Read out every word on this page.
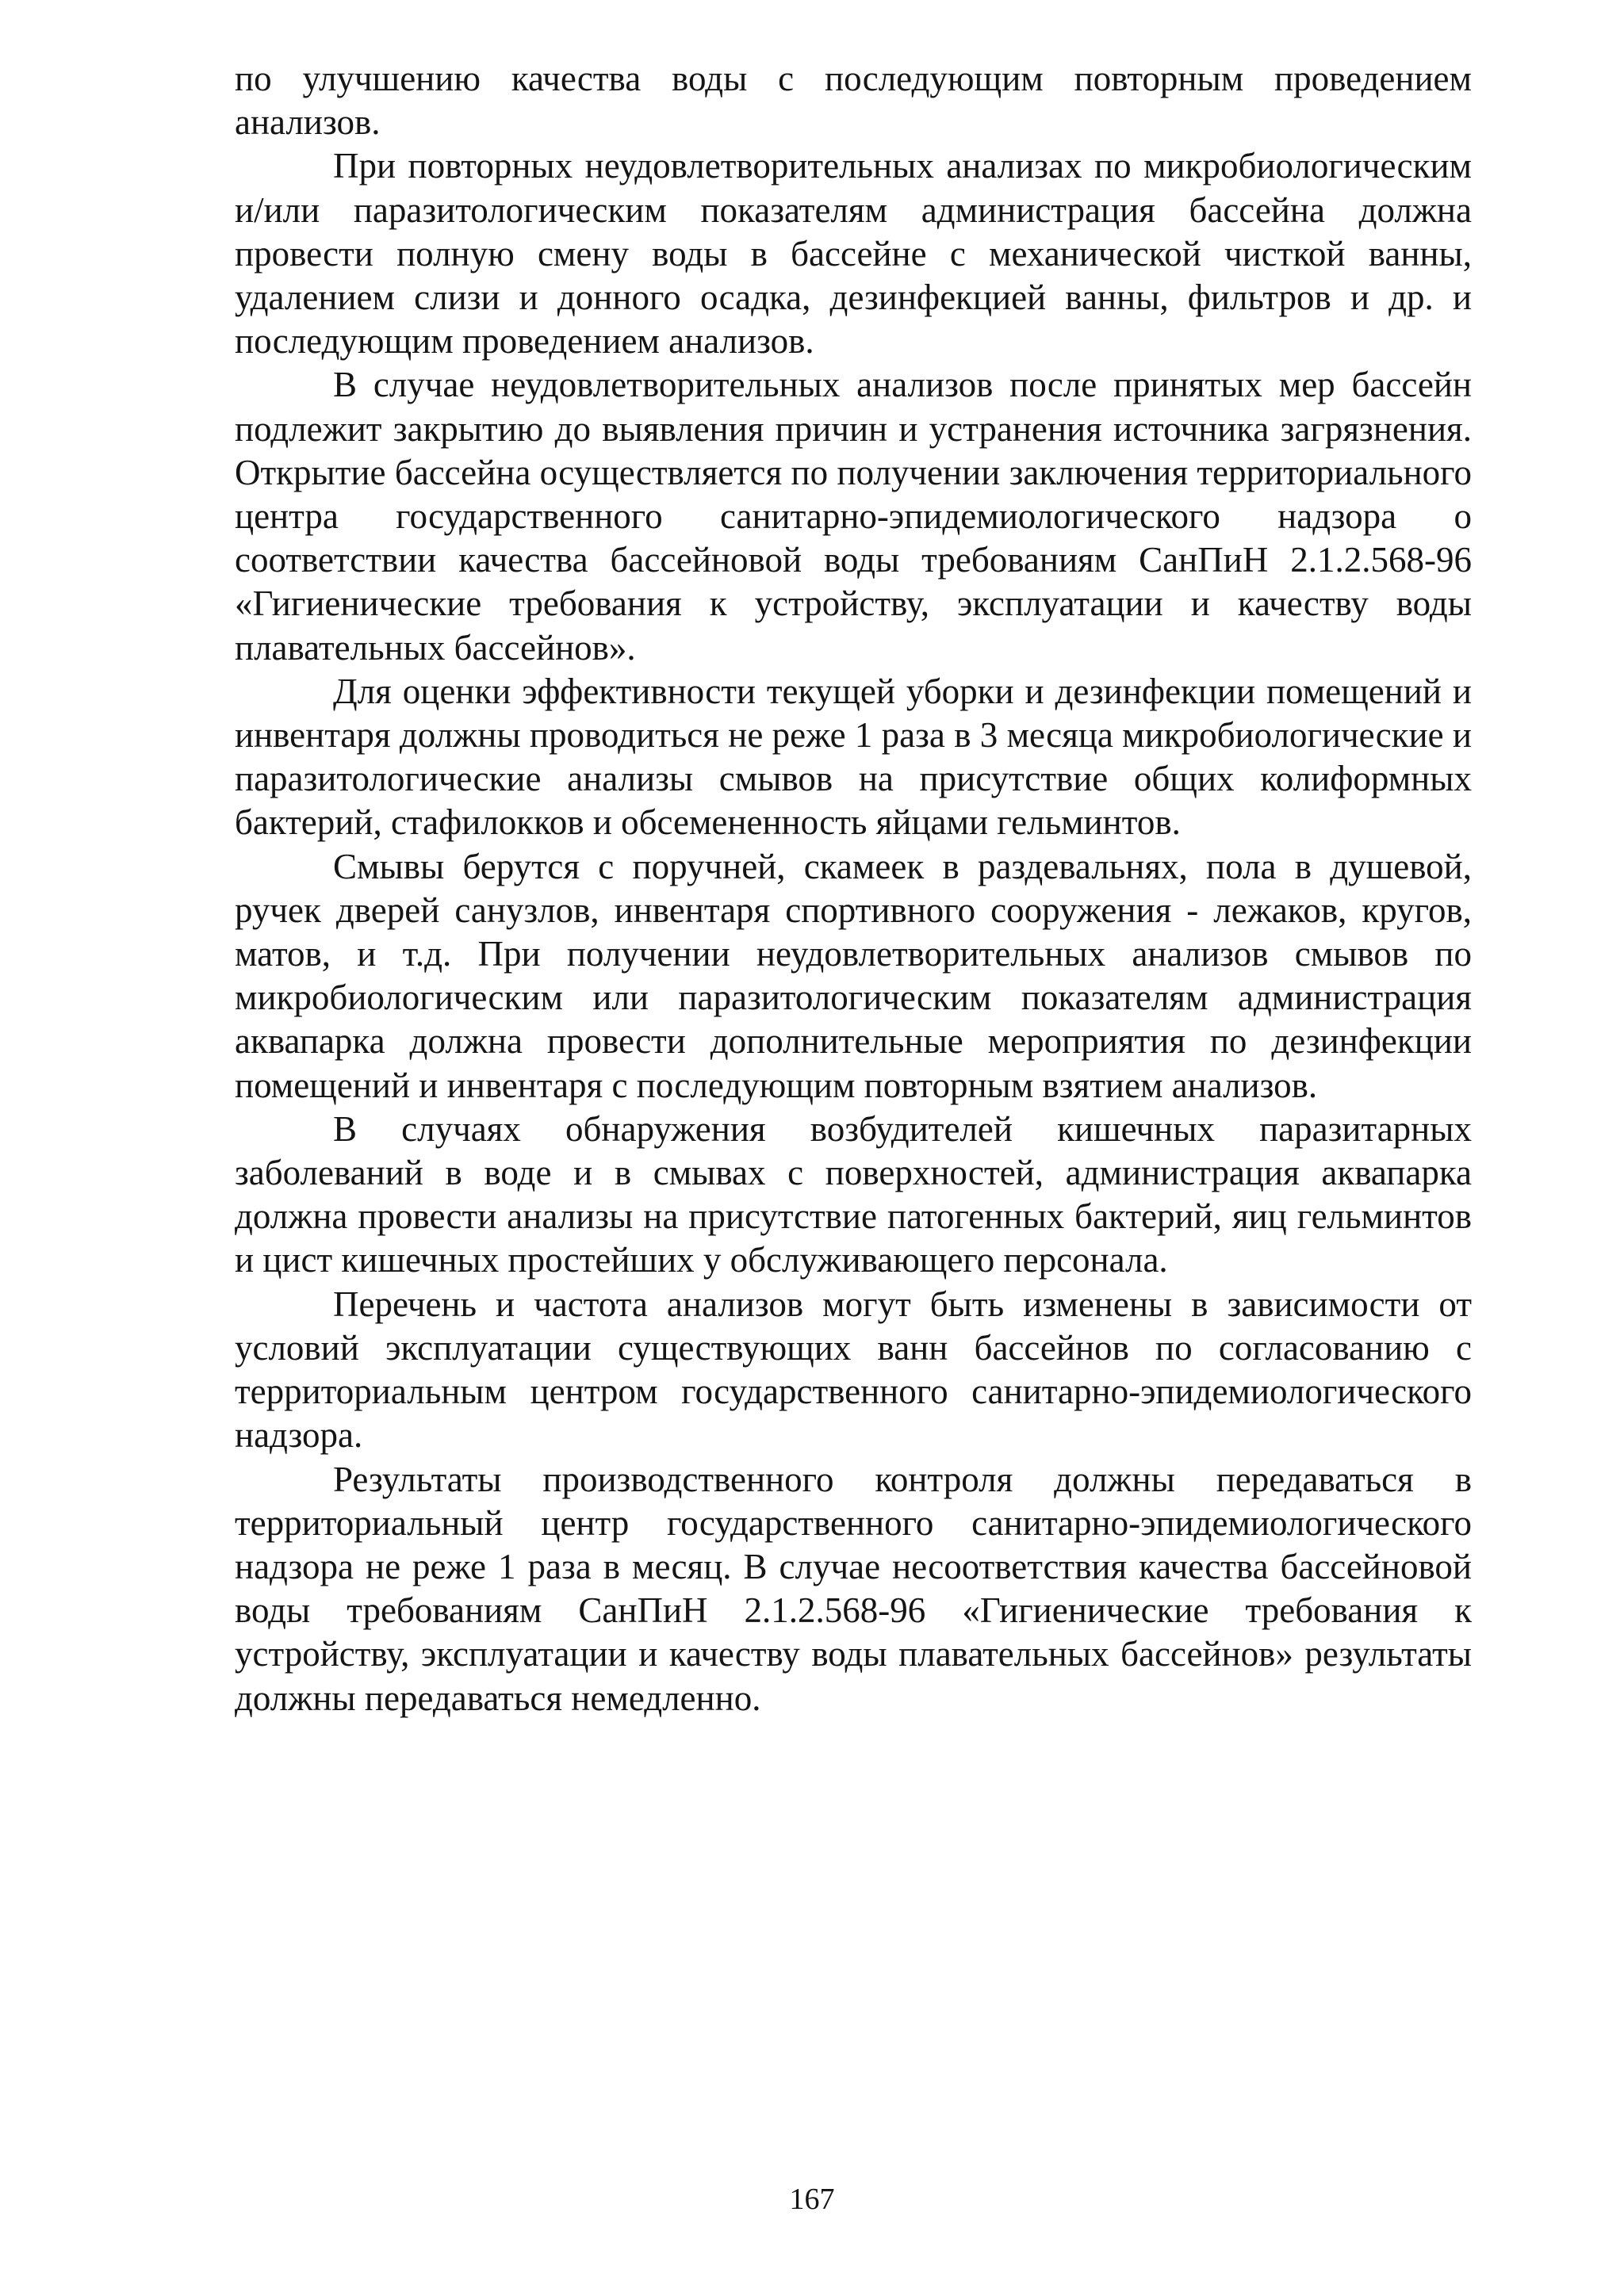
по улучшению качества воды с последующим повторным проведением анализов.

При повторных неудовлетворительных анализах по микробиологическим и/или паразитологическим показателям администрация бассейна должна провести полную смену воды в бассейне с механической чисткой ванны, удалением слизи и донного осадка, дезинфекцией ванны, фильтров и др. и последующим проведением анализов.

В случае неудовлетворительных анализов после принятых мер бассейн подлежит закрытию до выявления причин и устранения источника загрязнения. Открытие бассейна осуществляется по получении заключения территориального центра государственного санитарно-эпидемиологического надзора о соответствии качества бассейновой воды требованиям СанПиН 2.1.2.568-96 «Гигиенические требования к устройству, эксплуатации и качеству воды плавательных бассейнов».

Для оценки эффективности текущей уборки и дезинфекции помещений и инвентаря должны проводиться не реже 1 раза в 3 месяца микробиологические и паразитологические анализы смывов на присутствие общих колиформных бактерий, стафилокков и обсемененность яйцами гельминтов.

Смывы берутся с поручней, скамеек в раздевальнях, пола в душевой, ручек дверей санузлов, инвентаря спортивного сооружения - лежаков, кругов, матов, и т.д. При получении неудовлетворительных анализов смывов по микробиологическим или паразитологическим показателям администрация аквапарка должна провести дополнительные мероприятия по дезинфекции помещений и инвентаря с последующим повторным взятием анализов.

В случаях обнаружения возбудителей кишечных паразитарных заболеваний в воде и в смывах с поверхностей, администрация аквапарка должна провести анализы на присутствие патогенных бактерий, яиц гельминтов и цист кишечных простейших у обслуживающего персонала.

Перечень и частота анализов могут быть изменены в зависимости от условий эксплуатации существующих ванн бассейнов по согласованию с территориальным центром государственного санитарно-эпидемиологического надзора.

Результаты производственного контроля должны передаваться в территориальный центр государственного санитарно-эпидемиологического надзора не реже 1 раза в месяц. В случае несоответствия качества бассейновой воды требованиям СанПиН 2.1.2.568-96 «Гигиенические требования к устройству, эксплуатации и качеству воды плавательных бассейнов» результаты должны передаваться немедленно.

167
